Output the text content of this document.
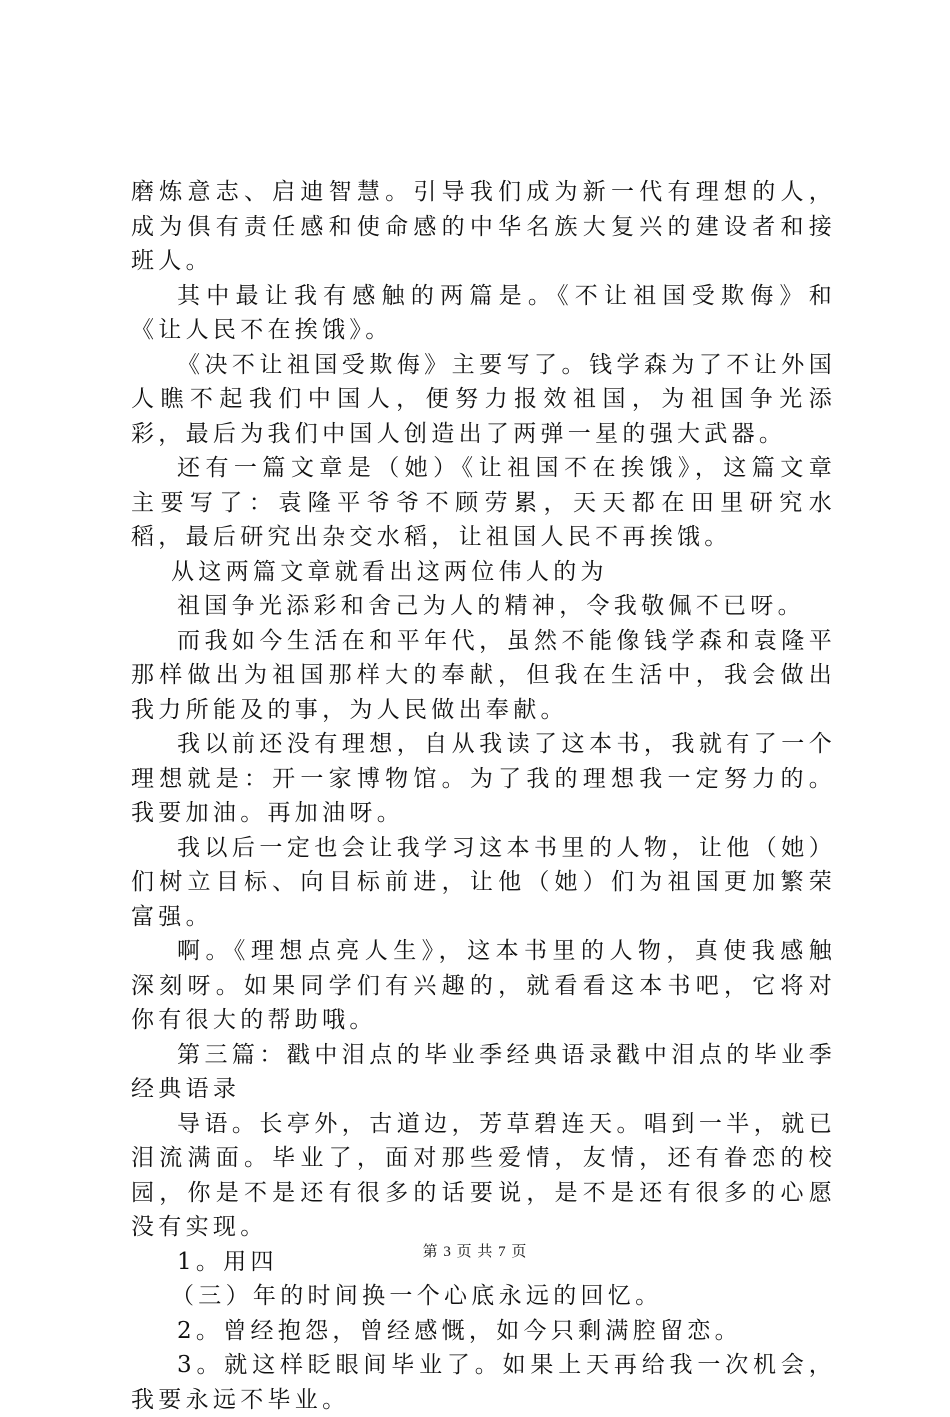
磨炼意志、启迪智慧。引导我们成为新一代有理想的人，成为俱有责任感和使命感的中华名族大复兴的建设者和接班人。

其中最让我有感触的两篇是。《不让祖国受欺侮》和《让人民不在挨饿》。

《决不让祖国受欺侮》主要写了。钱学森为了不让外国人瞧不起我们中国人，便努力报效祖国，为祖国争光添彩，最后为我们中国人创造出了两弹一星的强大武器。

还有一篇文章是（她）《让祖国不在挨饿》，这篇文章主要写了：袁隆平爷爷不顾劳累，天天都在田里研究水稻，最后研究出杂交水稻，让祖国人民不再挨饿。

从这两篇文章就看出这两位伟人的为

祖国争光添彩和舍己为人的精神，令我敬佩不已呀。

而我如今生活在和平年代，虽然不能像钱学森和袁隆平那样做出为祖国那样大的奉献，但我在生活中，我会做出我力所能及的事，为人民做出奉献。

我以前还没有理想，自从我读了这本书，我就有了一个理想就是：开一家博物馆。为了我的理想我一定努力的。我要加油。再加油呀。

我以后一定也会让我学习这本书里的人物，让他（她）们树立目标、向目标前进，让他（她）们为祖国更加繁荣富强。

啊。《理想点亮人生》，这本书里的人物，真使我感触深刻呀。如果同学们有兴趣的，就看看这本书吧，它将对你有很大的帮助哦。

第三篇：戳中泪点的毕业季经典语录戳中泪点的毕业季经典语录

导语。长亭外，古道边，芳草碧连天。唱到一半，就已泪流满面。毕业了，面对那些爱情，友情，还有眷恋的校园，你是不是还有很多的话要说，是不是还有很多的心愿没有实现。

1。用四

（三）年的时间换一个心底永远的回忆。

2。曾经抱怨，曾经感慨，如今只剩满腔留恋。

3。就这样眨眼间毕业了。如果上天再给我一次机会，我要永远不毕业。

第 3 页 共 7 页
